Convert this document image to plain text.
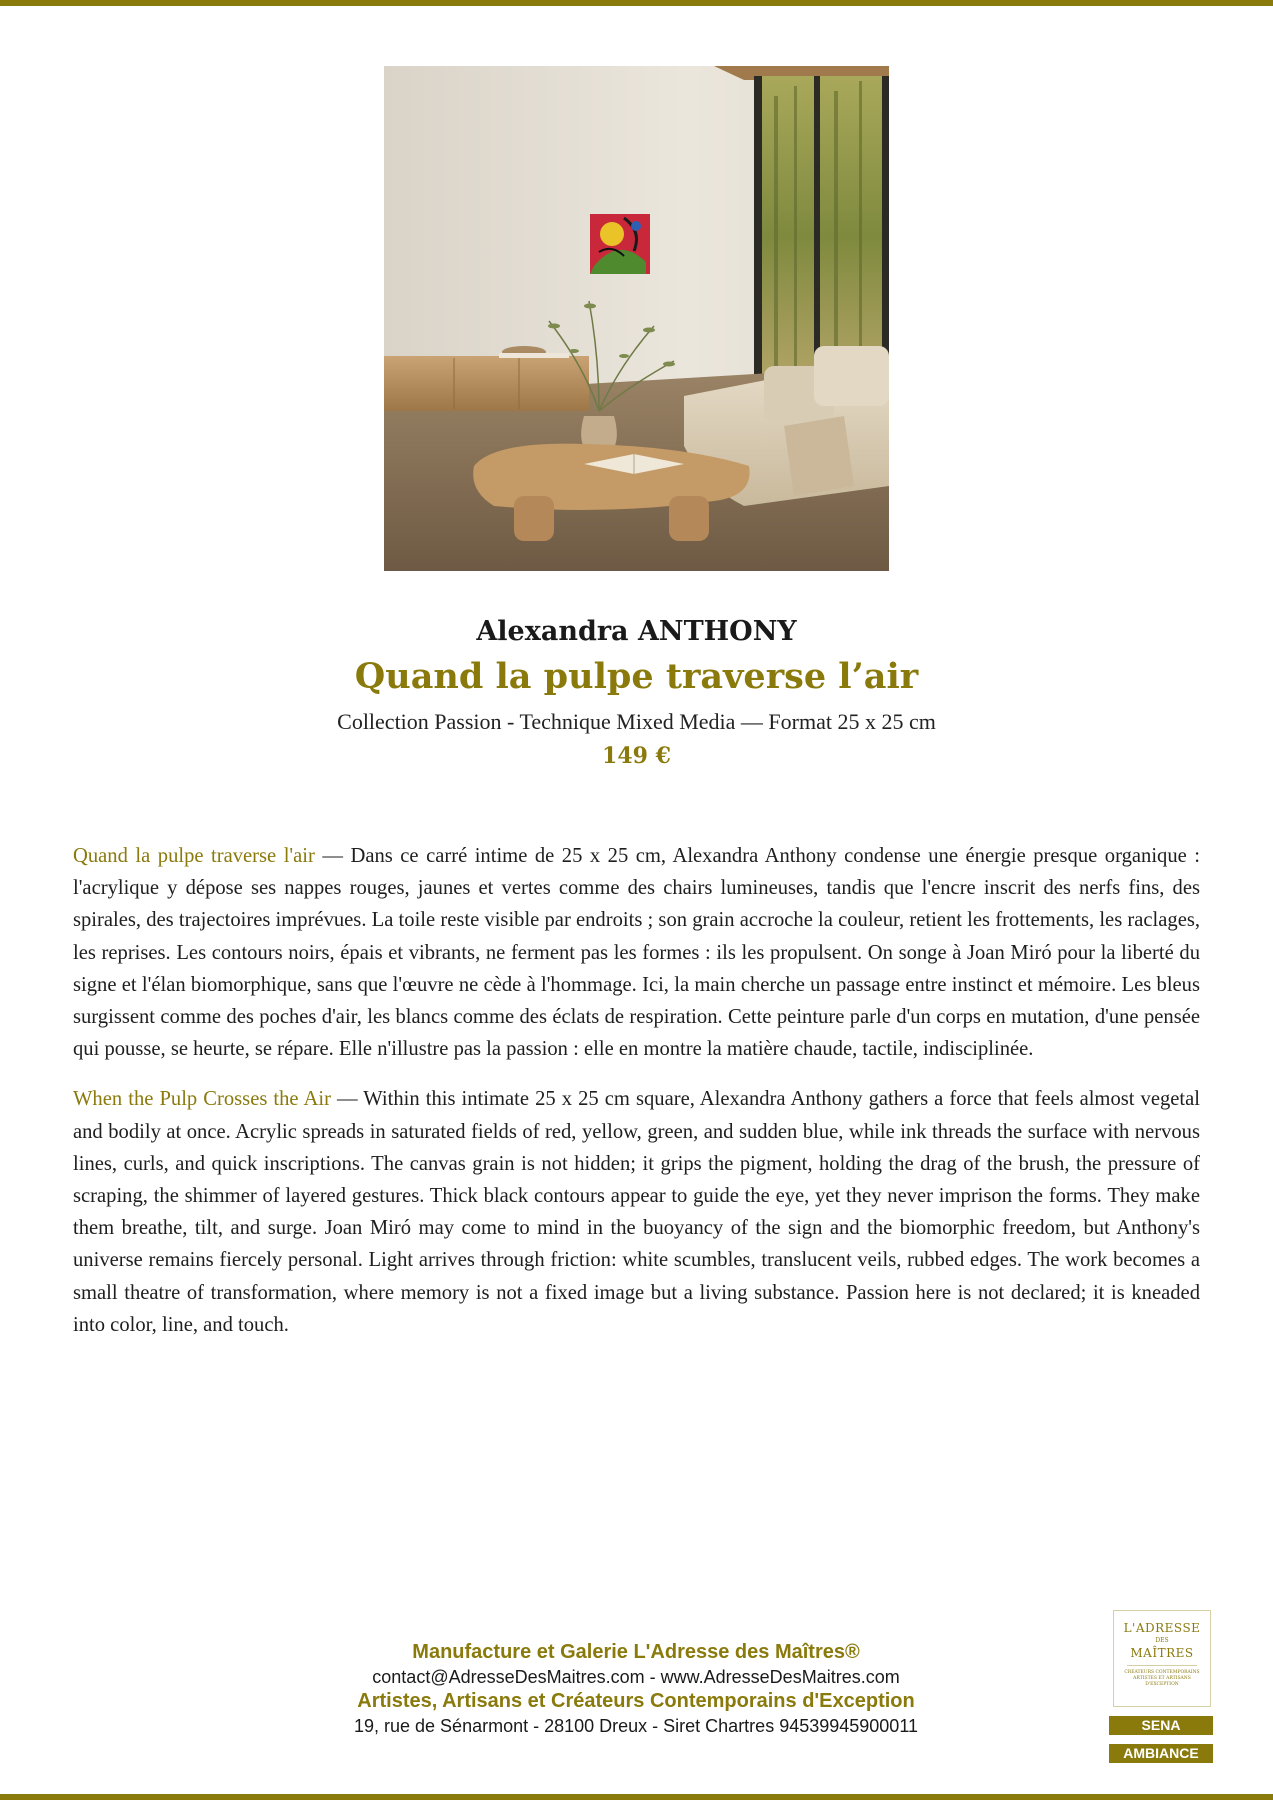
Alexandra ANTHONY
Quand la pulpe traverse l’air
Collection Passion - Technique Mixed Media — Format 25 x 25 cm
149 €

Quand la pulpe traverse l'air — Dans ce carré intime de 25 x 25 cm, Alexandra Anthony condense une énergie presque organique : l'acrylique y dépose ses nappes rouges, jaunes et vertes comme des chairs lumineuses, tandis que l'encre inscrit des nerfs fins, des spirales, des trajectoires imprévues. La toile reste visible par endroits ; son grain accroche la couleur, retient les frottements, les raclages, les reprises. Les contours noirs, épais et vibrants, ne ferment pas les formes : ils les propulsent. On songe à Joan Miró pour la liberté du signe et l'élan biomorphique, sans que l'œuvre ne cède à l'hommage. Ici, la main cherche un passage entre instinct et mémoire. Les bleus surgissent comme des poches d'air, les blancs comme des éclats de respiration. Cette peinture parle d'un corps en mutation, d'une pensée qui pousse, se heurte, se répare. Elle n'illustre pas la passion : elle en montre la matière chaude, tactile, indisciplinée.

When the Pulp Crosses the Air — Within this intimate 25 x 25 cm square, Alexandra Anthony gathers a force that feels almost vegetal and bodily at once. Acrylic spreads in saturated fields of red, yellow, green, and sudden blue, while ink threads the surface with nervous lines, curls, and quick inscriptions. The canvas grain is not hidden; it grips the pigment, holding the drag of the brush, the pressure of scraping, the shimmer of layered gestures. Thick black contours appear to guide the eye, yet they never imprison the forms. They make them breathe, tilt, and surge. Joan Miró may come to mind in the buoyancy of the sign and the biomorphic freedom, but Anthony's universe remains fiercely personal. Light arrives through friction: white scumbles, translucent veils, rubbed edges. The work becomes a small theatre of transformation, where memory is not a fixed image but a living substance. Passion here is not declared; it is kneaded into color, line, and touch.

Manufacture et Galerie L'Adresse des Maîtres®
contact@AdresseDesMaitres.com - www.AdresseDesMaitres.com
Artistes, Artisans et Créateurs Contemporains d'Exception
19, rue de Sénarmont - 28100 Dreux - Siret Chartres 94539945900011
L'ADRESSE
DES
MAÎTRES
CRÉATEURS CONTEMPORAINS ARTISTES ET ARTISANS D'EXCEPTION
SENA
AMBIANCE
